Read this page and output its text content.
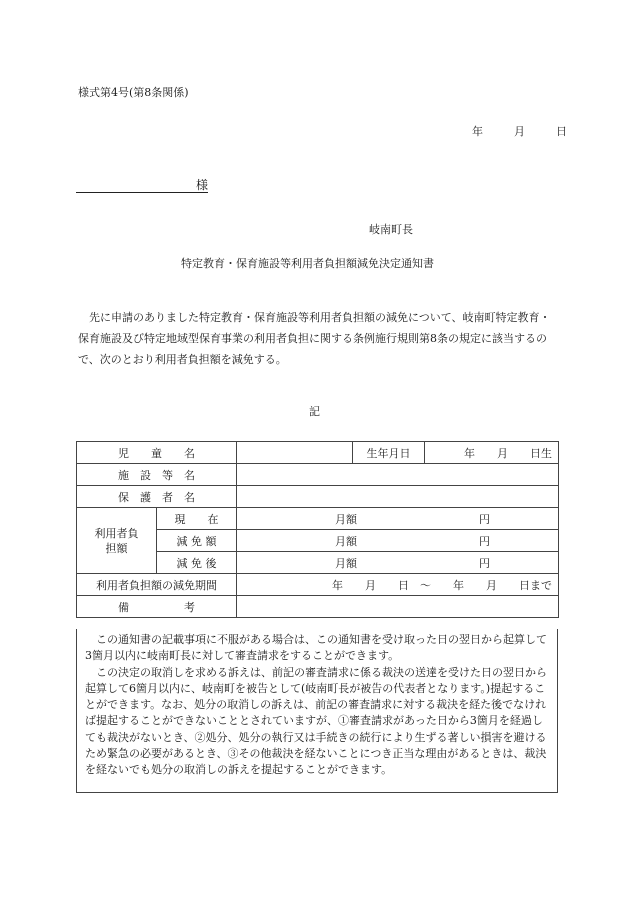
様式第4号(第8条関係)
年	月	日
様
岐南町長
特定教育・保育施設等利用者負担額減免決定通知書
先に申請のありました特定教育・保育施設等利用者負担額の減免について、岐南町特定教育・保育施設及び特定地域型保育事業の利用者負担に関する条例施行規則第8条の規定に該当するので、次のとおり利用者負担額を減免する。
記
児　　童　　名			生年月日	年　　月　　日生
施　設　等　名				
保　護　者　名				
利用者負担額	現　　在	月額 円		

	減 免 額	月額 円		

	減 免 後	月額 円		

利用者負担額の減免期間		年　　月　　日　～　　年　　月　　日まで		
備　　　　　考				

この通知書の記載事項に不服がある場合は、この通知書を受け取った日の翌日から起算して3箇月以内に岐南町長に対して審査請求をすることができます。

この決定の取消しを求める訴えは、前記の審査請求に係る裁決の送達を受けた日の翌日から起算して6箇月以内に、岐南町を被告として(岐南町長が被告の代表者となります。)提起することができます。なお、処分の取消しの訴えは、前記の審査請求に対する裁決を経た後でなければ提起することができないこととされていますが、①審査請求があった日から3箇月を経過しても裁決がないとき、②処分、処分の執行又は手続きの続行により生ずる著しい損害を避けるため緊急の必要があるとき、③その他裁決を経ないことにつき正当な理由があるときは、裁決を経ないでも処分の取消しの訴えを提起することができます。
